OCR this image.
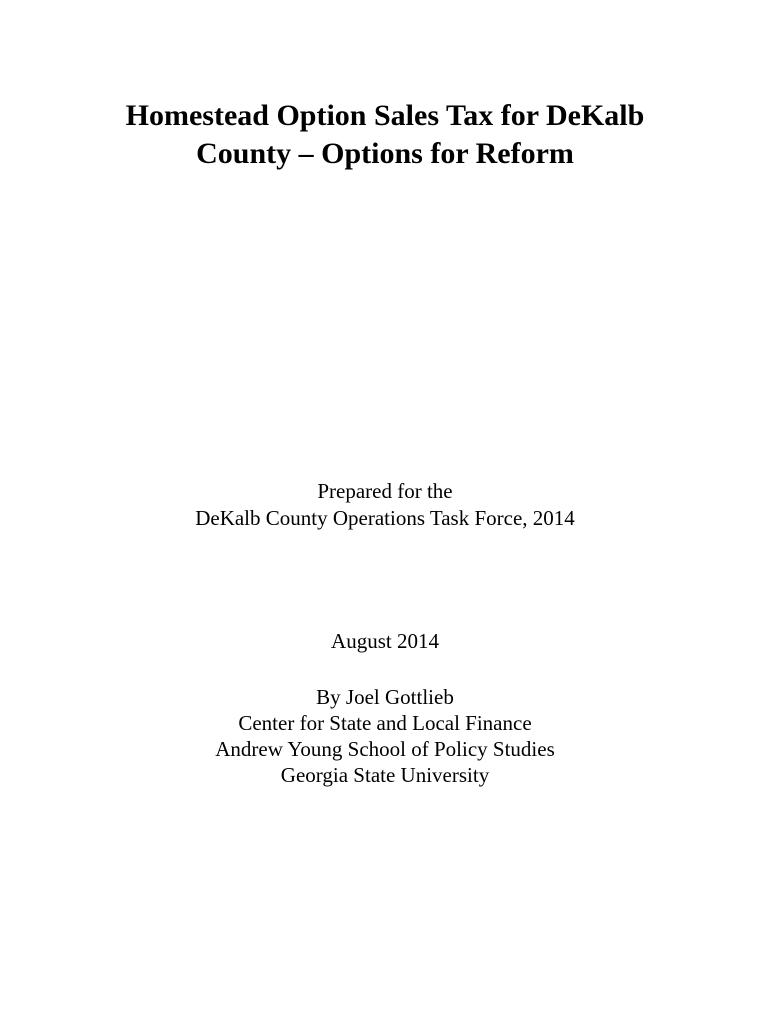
Homestead Option Sales Tax for DeKalb
County – Options for Reform

Prepared for the

DeKalb County Operations Task Force, 2014

August 2014

By Joel Gottlieb

Center for State and Local Finance

Andrew Young School of Policy Studies

Georgia State University
